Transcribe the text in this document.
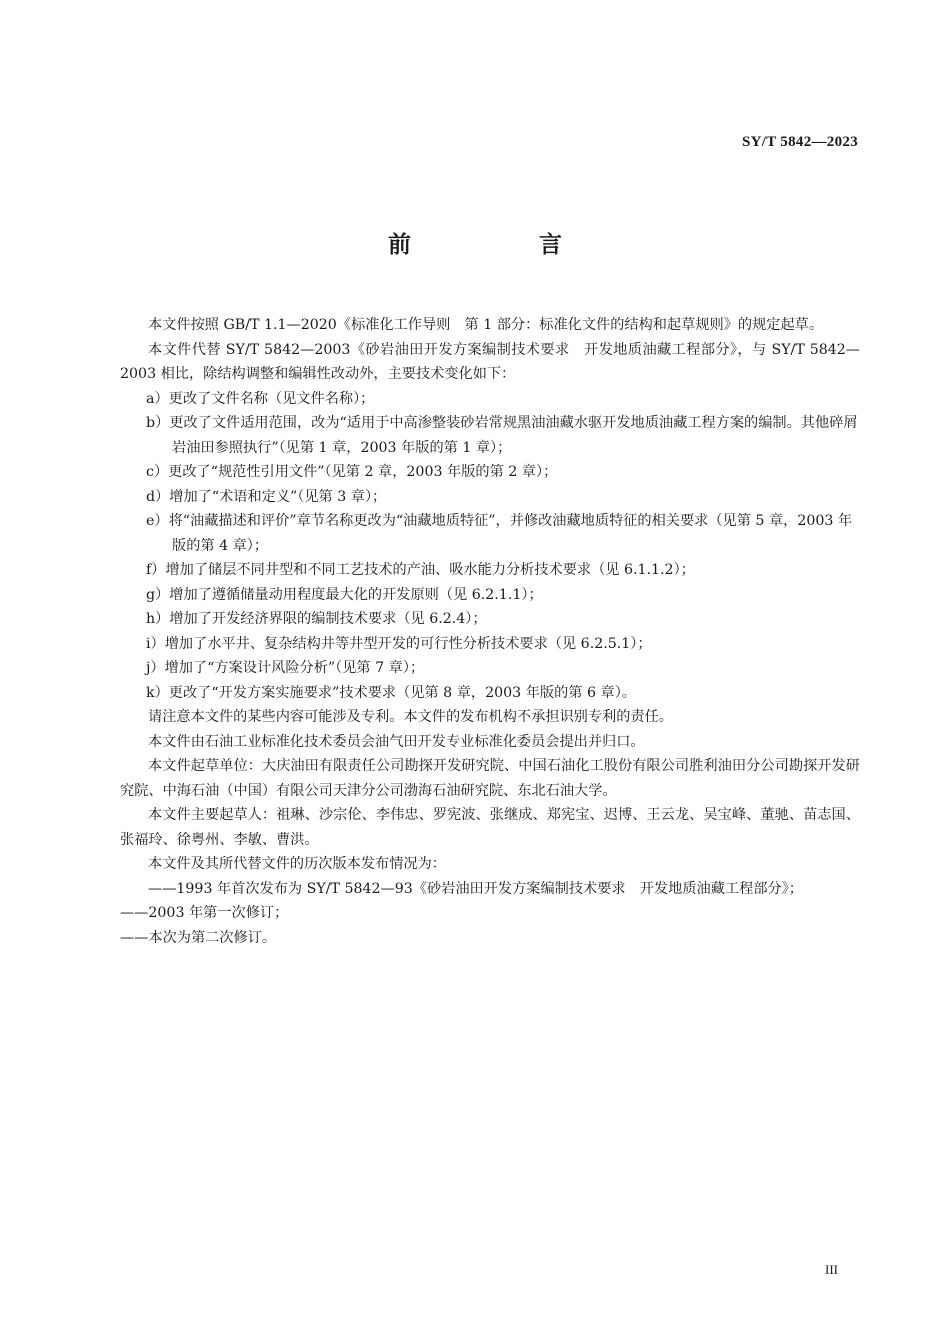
SY/T 5842—2023
前 言

本文件按照 GB/T 1.1—2020《标准化工作导则　第 1 部分：标准化文件的结构和起草规则》的规定起草。

本文件代替 SY/T 5842—2003《砂岩油田开发方案编制技术要求　开发地质油藏工程部分》，与 SY/T 5842—2003 相比，除结构调整和编辑性改动外，主要技术变化如下：

a）更改了文件名称（见文件名称）；

b）更改了文件适用范围，改为“适用于中高渗整装砂岩常规黑油油藏水驱开发地质油藏工程方案的编制。其他碎屑岩油田参照执行”（见第 1 章，2003 年版的第 1 章）；

c）更改了“规范性引用文件”（见第 2 章，2003 年版的第 2 章）；

d）增加了“术语和定义”（见第 3 章）；

e）将“油藏描述和评价”章节名称更改为“油藏地质特征”，并修改油藏地质特征的相关要求（见第 5 章，2003 年版的第 4 章）；

f）增加了储层不同井型和不同工艺技术的产油、吸水能力分析技术要求（见 6.1.1.2）；

g）增加了遵循储量动用程度最大化的开发原则（见 6.2.1.1）；

h）增加了开发经济界限的编制技术要求（见 6.2.4）；

i）增加了水平井、复杂结构井等井型开发的可行性分析技术要求（见 6.2.5.1）；

j）增加了“方案设计风险分析”（见第 7 章）；

k）更改了“开发方案实施要求”技术要求（见第 8 章，2003 年版的第 6 章）。

请注意本文件的某些内容可能涉及专利。本文件的发布机构不承担识别专利的责任。

本文件由石油工业标准化技术委员会油气田开发专业标准化委员会提出并归口。

本文件起草单位：大庆油田有限责任公司勘探开发研究院、中国石油化工股份有限公司胜利油田分公司勘探开发研究院、中海石油（中国）有限公司天津分公司渤海石油研究院、东北石油大学。

本文件主要起草人：祖琳、沙宗伦、李伟忠、罗宪波、张继成、郑宪宝、迟博、王云龙、吴宝峰、董驰、苗志国、张福玲、徐粤州、李敏、曹洪。

本文件及其所代替文件的历次版本发布情况为：

——1993 年首次发布为 SY/T 5842—93《砂岩油田开发方案编制技术要求　开发地质油藏工程部分》；

——2003 年第一次修订；

——本次为第二次修订。

III
